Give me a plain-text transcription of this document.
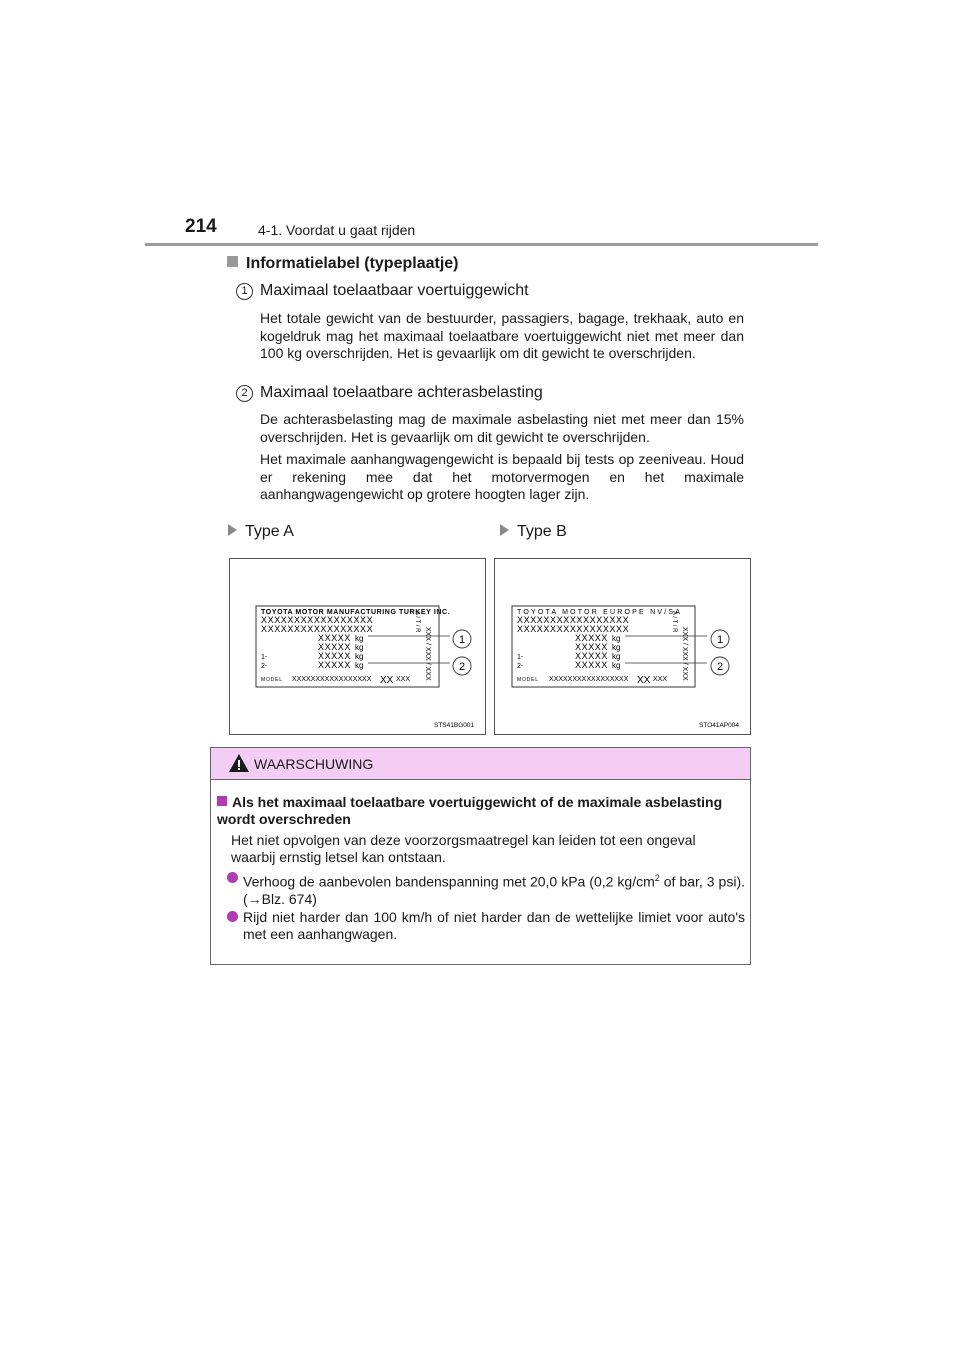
214	4-1. Voordat u gaat rijden
Informatielabel (typeplaatje)
1 Maximaal toelaatbaar voertuiggewicht
Het totale gewicht van de bestuurder, passagiers, bagage, trekhaak, auto en kogeldruk mag het maximaal toelaatbare voertuiggewicht niet met meer dan 100 kg overschrijden. Het is gevaarlijk om dit gewicht te overschrijden.
2 Maximaal toelaatbare achterasbelasting
De achterasbelasting mag de maximale asbelasting niet met meer dan 15% overschrijden. Het is gevaarlijk om dit gewicht te overschrijden.
Het maximale aanhangwagengewicht is bepaald bij tests op zeeniveau. Houd er rekening mee dat het motorvermogen en het maximale aanhangwagengewicht op grotere hoogten lager zijn.
Type A	Type B
TOYOTA MOTOR MANUFACTURING TURKEY INC.
XXXXXXXXXXXXXXXXX
XXXXXXXXXXXXXXXXX
XXXXX kg
XXXXX kg
1-	XXXXX kg
2-	XXXXX kg
MODEL XXXXXXXXXXXXXXXXX XX XXX
A / T / R
XXX / XXX / XXX	1
2
STS41BG001
TOYOTA MOTOR EUROPE NV/SA
XXXXXXXXXXXXXXXXX
XXXXXXXXXXXXXXXXX
XXXXX kg
XXXXX kg
1-	XXXXX kg
2-	XXXXX kg
MODEL XXXXXXXXXXXXXXXXX XX XXX
A / T / R
XXX / XXX / XXX	1
2
STO41AP004
WAARSCHUWING
Als het maximaal toelaatbare voertuiggewicht of de maximale asbelasting wordt overschreden
Het niet opvolgen van deze voorzorgsmaatregel kan leiden tot een ongeval waarbij ernstig letsel kan ontstaan.
Verhoog de aanbevolen bandenspanning met 20,0 kPa (0,2 $kg/cm^2$ of bar, 3 psi). (→Blz. 674)
Rijd niet harder dan 100 km/h of niet harder dan de wettelijke limiet voor auto's met een aanhangwagen.
